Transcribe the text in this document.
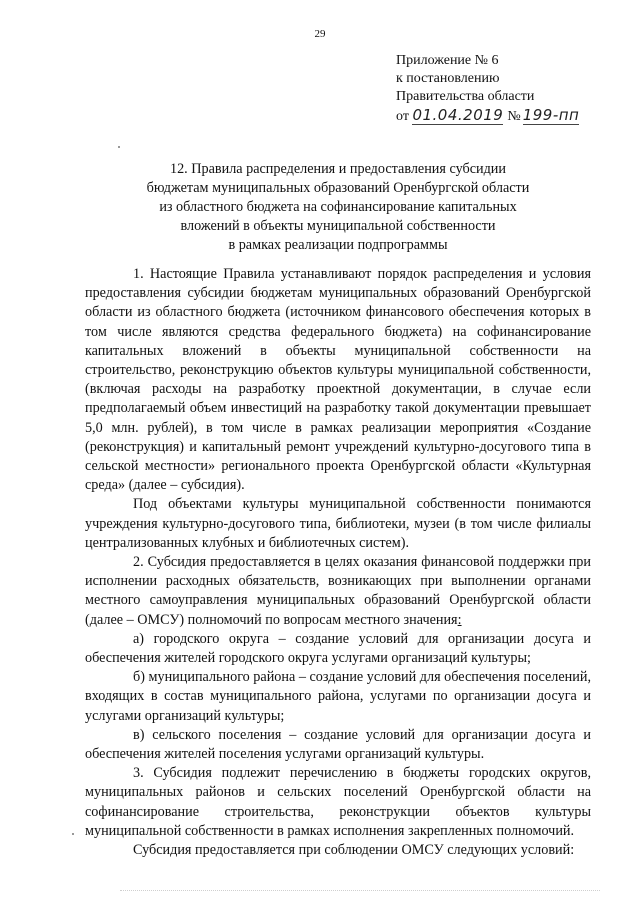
29
Приложение № 6
к постановлению
Правительства области
от 01.04.2019 № 199-пп
12. Правила распределения и предоставления субсидии
бюджетам муниципальных образований Оренбургской области
из областного бюджета на софинансирование капитальных
вложений в объекты муниципальной собственности
в рамках реализации подпрограммы

1. Настоящие Правила устанавливают порядок распределения и условия предоставления субсидии бюджетам муниципальных образований Оренбургской области из областного бюджета (источником финансового обеспечения которых в том числе являются средства федерального бюджета) на софинансирование капитальных вложений в объекты муниципальной собственности на строительство, реконструкцию объектов культуры муниципальной собственности, (включая расходы на разработку проектной документации, в случае если предполагаемый объем инвестиций на разработку такой документации превышает 5,0 млн. рублей), в том числе в рамках реализации мероприятия «Создание (реконструкция) и капитальный ремонт учреждений культурно-досугового типа в сельской местности» регионального проекта Оренбургской области «Культурная среда» (далее – субсидия).

Под объектами культуры муниципальной собственности понимаются учреждения культурно-досугового типа, библиотеки, музеи (в том числе филиалы централизованных клубных и библиотечных систем).

2. Субсидия предоставляется в целях оказания финансовой поддержки при исполнении расходных обязательств, возникающих при выполнении органами местного самоуправления муниципальных образований Оренбургской области (далее – ОМСУ) полномочий по вопросам местного значения:

а) городского округа – создание условий для организации досуга и обеспечения жителей городского округа услугами организаций культуры;

б) муниципального района – создание условий для обеспечения поселений, входящих в состав муниципального района, услугами по организации досуга и услугами организаций культуры;

в) сельского поселения – создание условий для организации досуга и обеспечения жителей поселения услугами организаций культуры.

3. Субсидия подлежит перечислению в бюджеты городских округов, муниципальных районов и сельских поселений Оренбургской области на софинансирование строительства, реконструкции объектов культуры муниципальной собственности в рамках исполнения закрепленных полномочий.

Субсидия предоставляется при соблюдении ОМСУ следующих условий:
